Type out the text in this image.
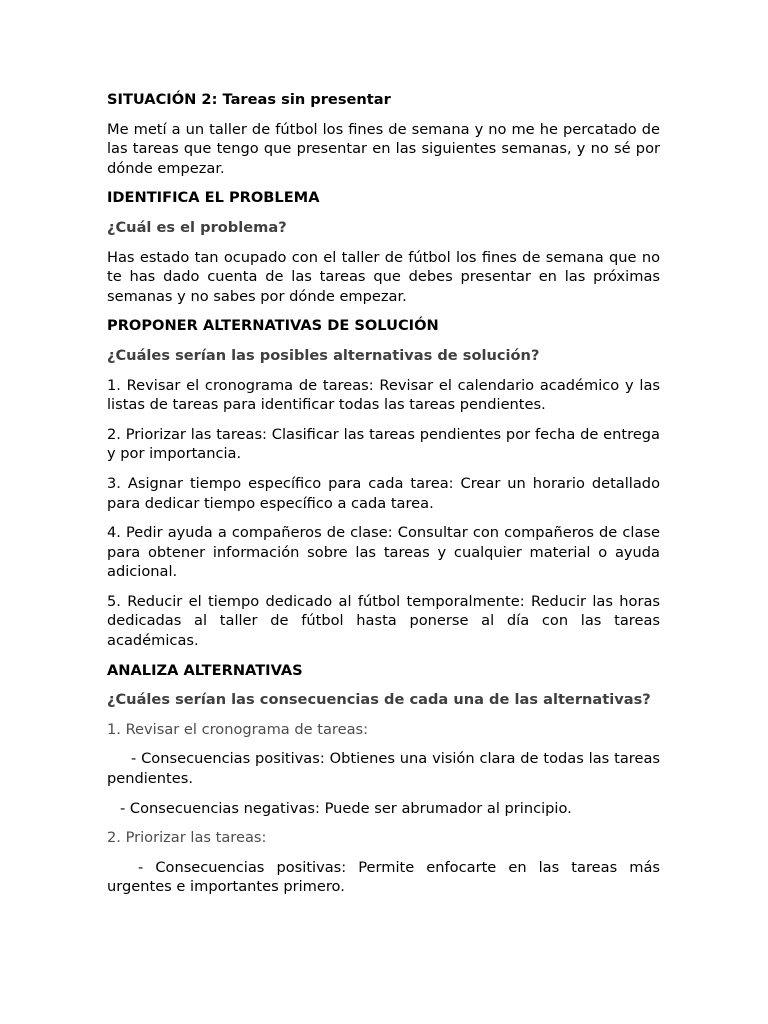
SITUACIÓN 2: Tareas sin presentar

Me metí a un taller de fútbol los fines de semana y no me he percatado de las tareas que tengo que presentar en las siguientes semanas, y no sé por dónde empezar.

IDENTIFICA EL PROBLEMA
¿Cuál es el problema?

Has estado tan ocupado con el taller de fútbol los fines de semana que no te has dado cuenta de las tareas que debes presentar en las próximas semanas y no sabes por dónde empezar.

PROPONER ALTERNATIVAS DE SOLUCIÓN
¿Cuáles serían las posibles alternativas de solución?

1. Revisar el cronograma de tareas: Revisar el calendario académico y las listas de tareas para identificar todas las tareas pendientes.

2. Priorizar las tareas: Clasificar las tareas pendientes por fecha de entrega y por importancia.

3. Asignar tiempo específico para cada tarea: Crear un horario detallado para dedicar tiempo específico a cada tarea.

4. Pedir ayuda a compañeros de clase: Consultar con compañeros de clase para obtener información sobre las tareas y cualquier material o ayuda adicional.

5. Reducir el tiempo dedicado al fútbol temporalmente: Reducir las horas dedicadas al taller de fútbol hasta ponerse al día con las tareas académicas.

ANALIZA ALTERNATIVAS
¿Cuáles serían las consecuencias de cada una de las alternativas?

1. Revisar el cronograma de tareas:

- Consecuencias positivas: Obtienes una visión clara de todas las tareas pendientes.

- Consecuencias negativas: Puede ser abrumador al principio.

2. Priorizar las tareas:

- Consecuencias positivas: Permite enfocarte en las tareas más urgentes e importantes primero.
